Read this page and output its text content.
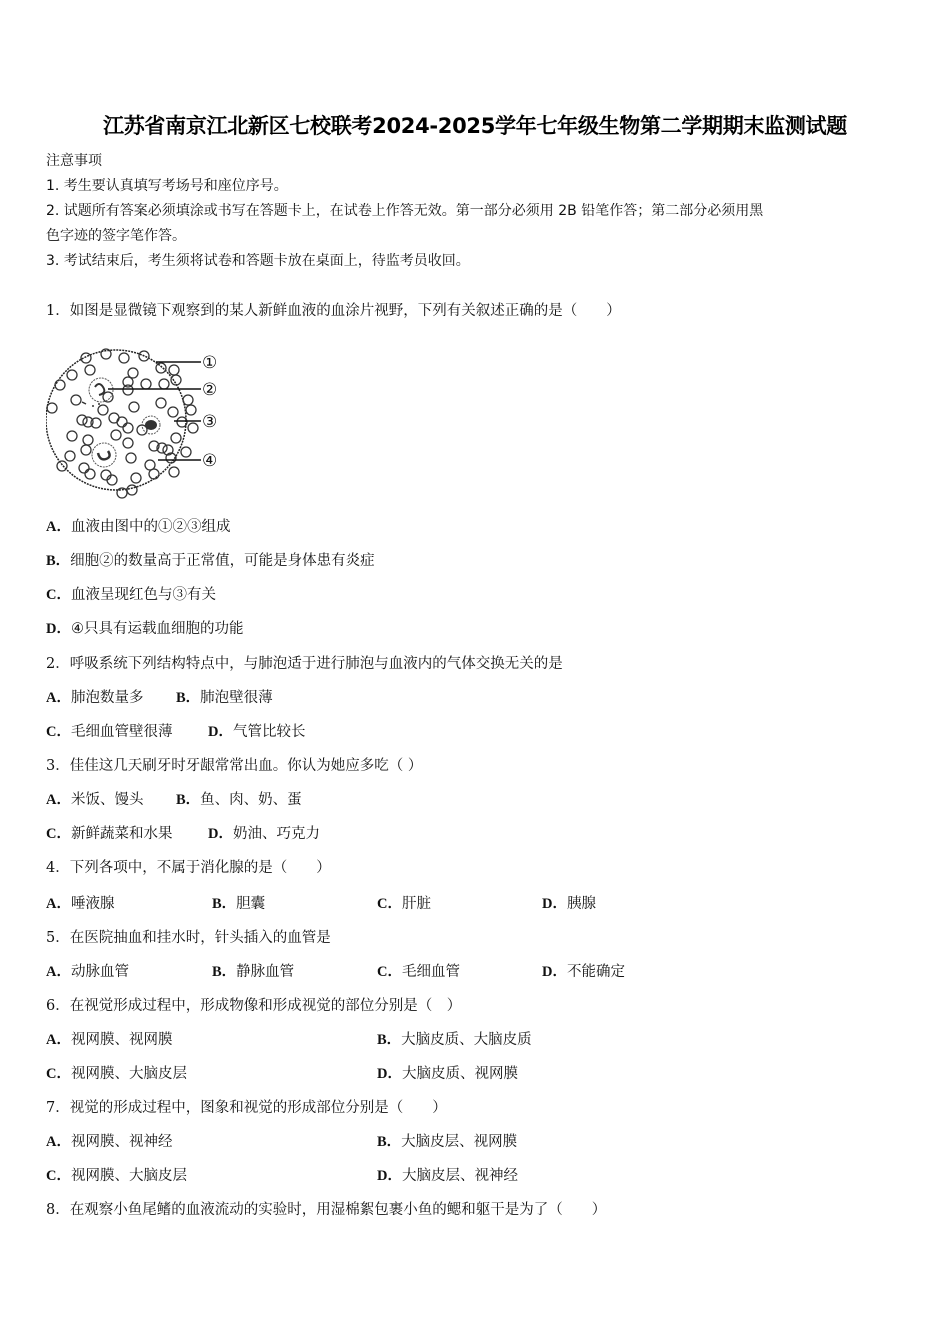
江苏省南京江北新区七校联考2024-2025学年七年级生物第二学期期末监测试题
注意事项
1. 考生要认真填写考场号和座位序号。
2. 试题所有答案必须填涂或书写在答题卡上，在试卷上作答无效。第一部分必须用 2B 铅笔作答；第二部分必须用黑
色字迹的签字笔作答。
3. 考试结束后，考生须将试卷和答题卡放在桌面上，待监考员收回。
1．如图是显微镜下观察到的某人新鲜血液的血涂片视野，下列有关叙述正确的是（　　）
①
②
③
④
A．血液由图中的①②③组成
B．细胞②的数量高于正常值，可能是身体患有炎症
C．血液呈现红色与③有关
D．④只具有运载血细胞的功能
2．呼吸系统下列结构特点中，与肺泡适于进行肺泡与血液内的气体交换无关的是
A．肺泡数量多 B．肺泡壁很薄
C．毛细血管壁很薄 D．气管比较长
3．佳佳这几天刷牙时牙龈常常出血。你认为她应多吃（ ）
A．米饭、馒头 B．鱼、肉、奶、蛋
C．新鲜蔬菜和水果 D．奶油、巧克力
4．下列各项中，不属于消化腺的是（　　）
A．唾液腺	B．胆囊	C．肝脏	D．胰腺
5．在医院抽血和挂水时，针头插入的血管是
A．动脉血管	B．静脉血管	C．毛细血管	D．不能确定
6．在视觉形成过程中，形成物像和形成视觉的部位分别是（　）
A．视网膜、视网膜	B．大脑皮质、大脑皮质
C．视网膜、大脑皮层	D．大脑皮质、视网膜
7．视觉的形成过程中，图象和视觉的形成部位分别是（　　）
A．视网膜、视神经	B．大脑皮层、视网膜
C．视网膜、大脑皮层	D．大脑皮层、视神经
8．在观察小鱼尾鳍的血液流动的实验时，用湿棉絮包裹小鱼的鳃和躯干是为了（　　）
